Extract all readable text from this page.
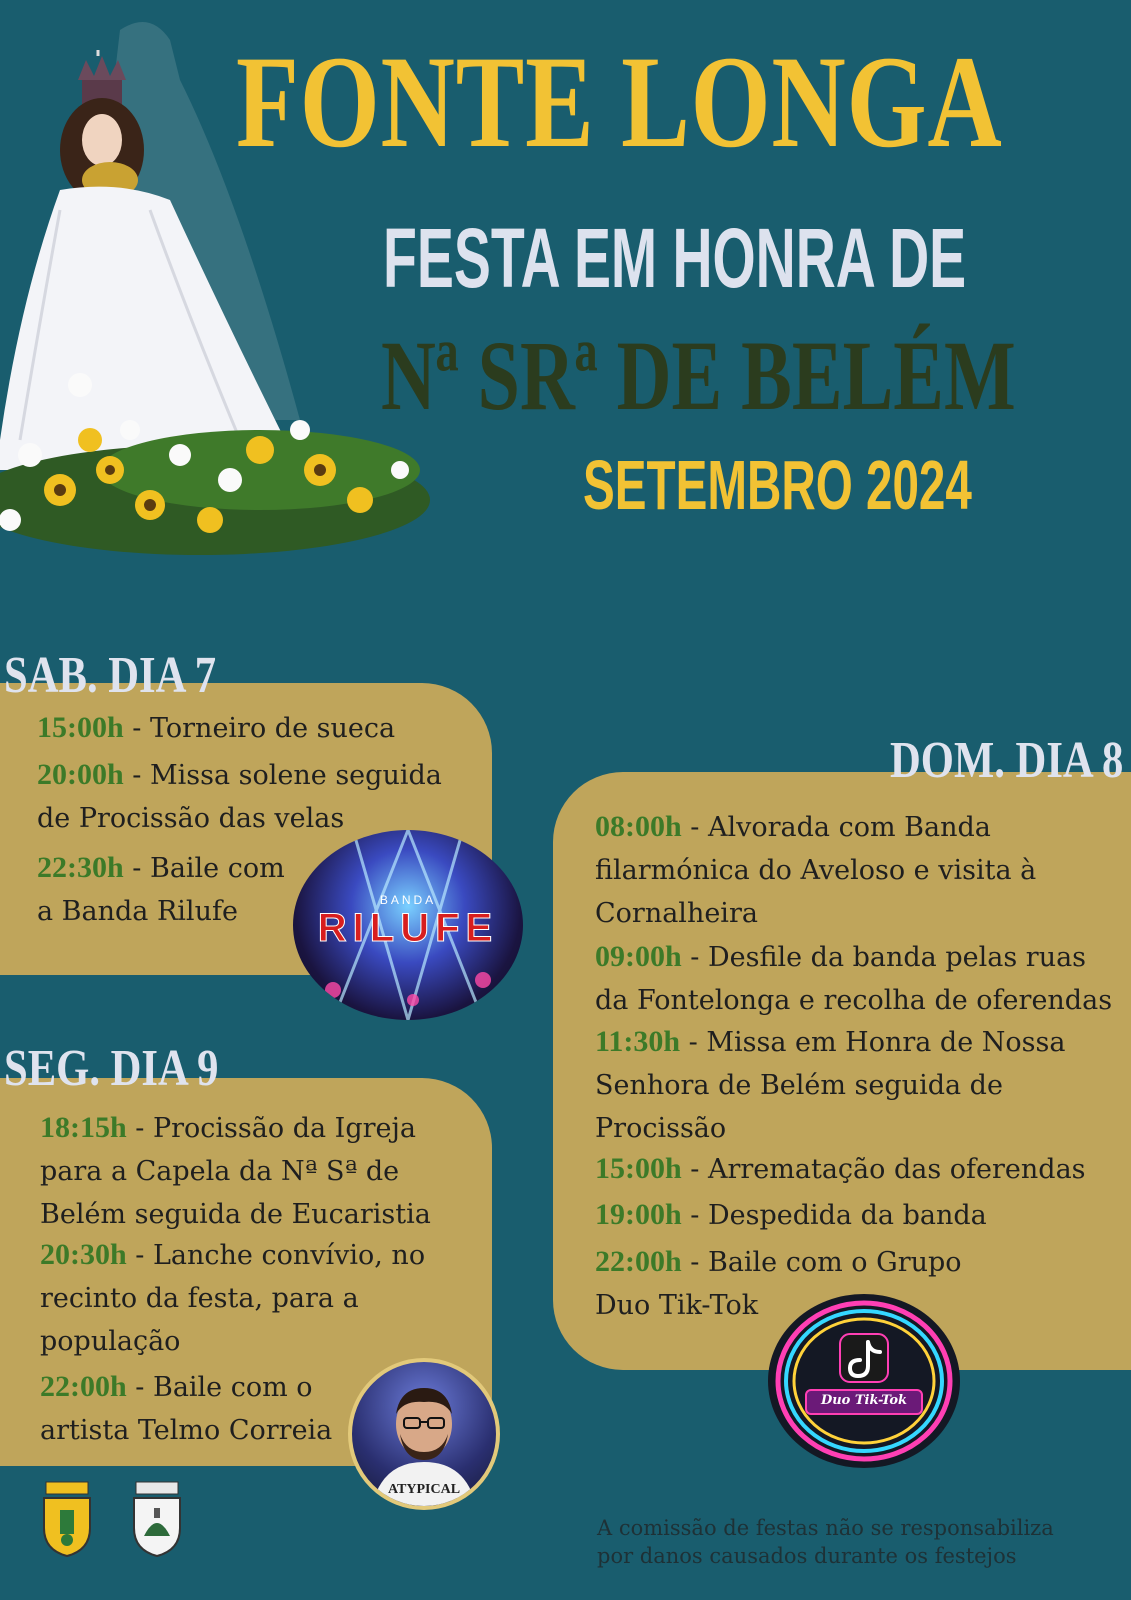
FONTE LONGA
FESTA EM HONRA DE
Nª SRª DE BELÉM
SETEMBRO 2024
SAB. DIA 7
15:00h - Torneiro de sueca
20:00h - Missa solene seguida
de Procissão das velas
22:30h - Baile com
a Banda Rilufe	BANDA
RILUFE
DOM. DIA 8
08:00h - Alvorada com Banda
filarmónica do Aveloso e visita à
Cornalheira
09:00h - Desfile da banda pelas ruas
da Fontelonga e recolha de oferendas
11:30h - Missa em Honra de Nossa
Senhora de Belém seguida de
Procissão
15:00h - Arrematação das oferendas
19:00h - Despedida da banda
22:00h - Baile com o Grupo
Duo Tik-Tok
Duo Tik-Tok
SEG. DIA 9
18:15h - Procissão da Igreja
para a Capela da Nª Sª de
Belém seguida de Eucaristia
20:30h - Lanche convívio, no
recinto da festa, para a
população
22:00h - Baile com o
artista Telmo Correia
ATYPICAL
A comissão de festas não se responsabiliza
por danos causados durante os festejos
